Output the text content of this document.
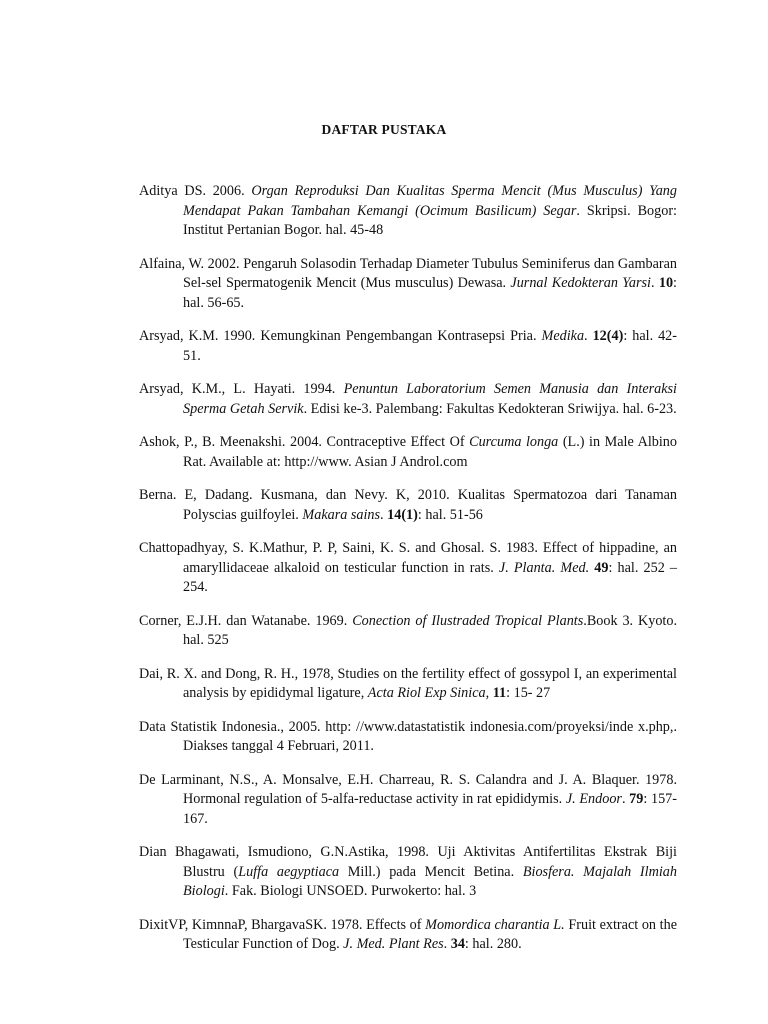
DAFTAR PUSTAKA

Aditya DS. 2006. Organ Reproduksi Dan Kualitas Sperma Mencit (Mus Musculus) Yang Mendapat Pakan Tambahan Kemangi (Ocimum Basilicum) Segar. Skripsi. Bogor: Institut Pertanian Bogor. hal. 45-48

Alfaina, W. 2002. Pengaruh Solasodin Terhadap Diameter Tubulus Seminiferus dan Gambaran Sel-sel Spermatogenik Mencit (Mus musculus) Dewasa. Jurnal Kedokteran Yarsi. 10: hal. 56-65.

Arsyad, K.M. 1990. Kemungkinan Pengembangan Kontrasepsi Pria. Medika. 12(4): hal. 42-51.

Arsyad, K.M., L. Hayati. 1994. Penuntun Laboratorium Semen Manusia dan Interaksi Sperma Getah Servik. Edisi ke-3. Palembang: Fakultas Kedokteran Sriwijya. hal. 6-23.

Ashok, P., B. Meenakshi. 2004. Contraceptive Effect Of Curcuma longa (L.) in Male Albino Rat. Available at: http://www. Asian J Androl.com

Berna. E, Dadang. Kusmana, dan Nevy. K, 2010. Kualitas Spermatozoa dari Tanaman Polyscias guilfoylei. Makara sains. 14(1): hal. 51-56

Chattopadhyay, S. K.Mathur, P. P, Saini, K. S. and Ghosal. S. 1983. Effect of hippadine, an amaryllidaceae alkaloid on testicular function in rats. J. Planta. Med. 49: hal. 252 – 254.

Corner, E.J.H. dan Watanabe. 1969. Conection of Ilustraded Tropical Plants.Book 3. Kyoto. hal. 525

Dai, R. X. and Dong, R. H., 1978, Studies on the fertility effect of gossypol I, an experimental analysis by epididymal ligature, Acta Riol Exp Sinica, 11: 15- 27

Data Statistik Indonesia., 2005. http: //www.datastatistik indonesia.com/proyeksi/inde x.php,. Diakses tanggal 4 Februari, 2011.

De Larminant, N.S., A. Monsalve, E.H. Charreau, R. S. Calandra and J. A. Blaquer. 1978. Hormonal regulation of 5-alfa-reductase activity in rat epididymis. J. Endoor. 79: 157-167.

Dian Bhagawati, Ismudiono, G.N.Astika, 1998. Uji Aktivitas Antifertilitas Ekstrak Biji Blustru (Luffa aegyptiaca Mill.) pada Mencit Betina. Biosfera. Majalah Ilmiah Biologi. Fak. Biologi UNSOED. Purwokerto: hal. 3

DixitVP, KimnnaP, BhargavaSK. 1978. Effects of Momordica charantia L. Fruit extract on the Testicular Function of Dog. J. Med. Plant Res. 34: hal. 280.
